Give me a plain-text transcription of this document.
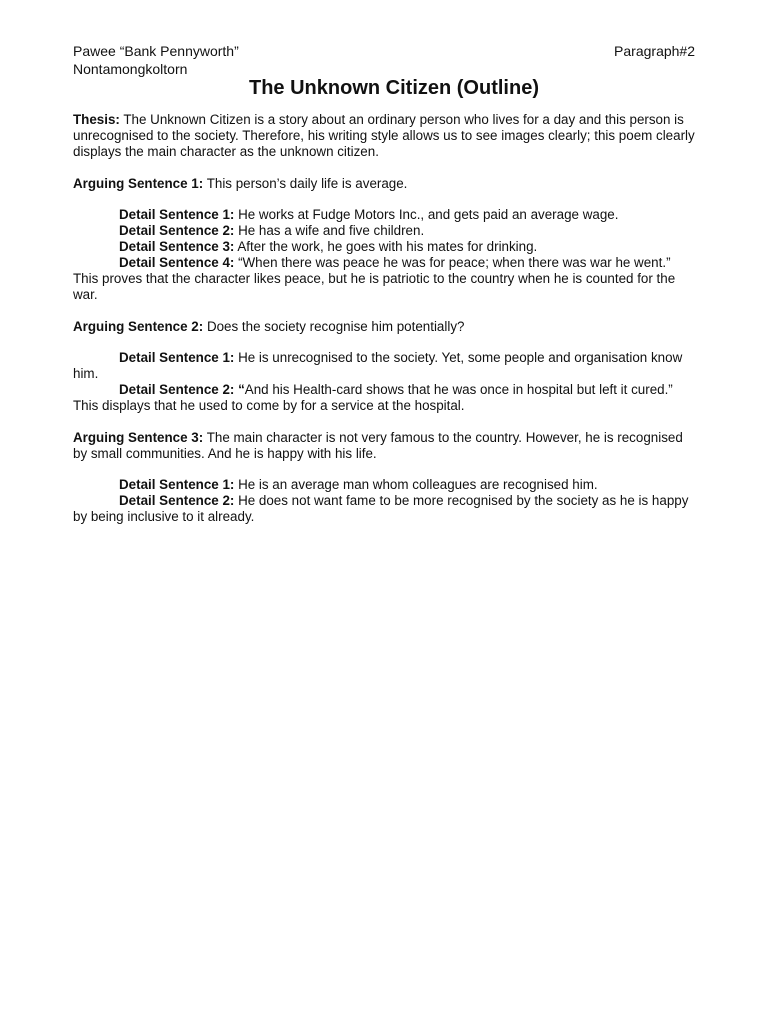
Pawee “Bank Pennyworth”	Paragraph#2
Nontamongkoltorn
The Unknown Citizen (Outline)

Thesis: The Unknown Citizen is a story about an ordinary person who lives for a day and this person is unrecognised to the society. Therefore, his writing style allows us to see images clearly; this poem clearly displays the main character as the unknown citizen.

Arguing Sentence 1: This person’s daily life is average.

Detail Sentence 1: He works at Fudge Motors Inc., and gets paid an average wage.

Detail Sentence 2: He has a wife and five children.

Detail Sentence 3: After the work, he goes with his mates for drinking.

Detail Sentence 4: “When there was peace he was for peace; when there was war he went.” This proves that the character likes peace, but he is patriotic to the country when he is counted for the war.

Arguing Sentence 2: Does the society recognise him potentially?

Detail Sentence 1: He is unrecognised to the society. Yet, some people and organisation know him.

Detail Sentence 2: “And his Health-card shows that he was once in hospital but left it cured.” This displays that he used to come by for a service at the hospital.

Arguing Sentence 3: The main character is not very famous to the country. However, he is recognised by small communities. And he is happy with his life.

Detail Sentence 1: He is an average man whom colleagues are recognised him.

Detail Sentence 2: He does not want fame to be more recognised by the society as he is happy by being inclusive to it already.
